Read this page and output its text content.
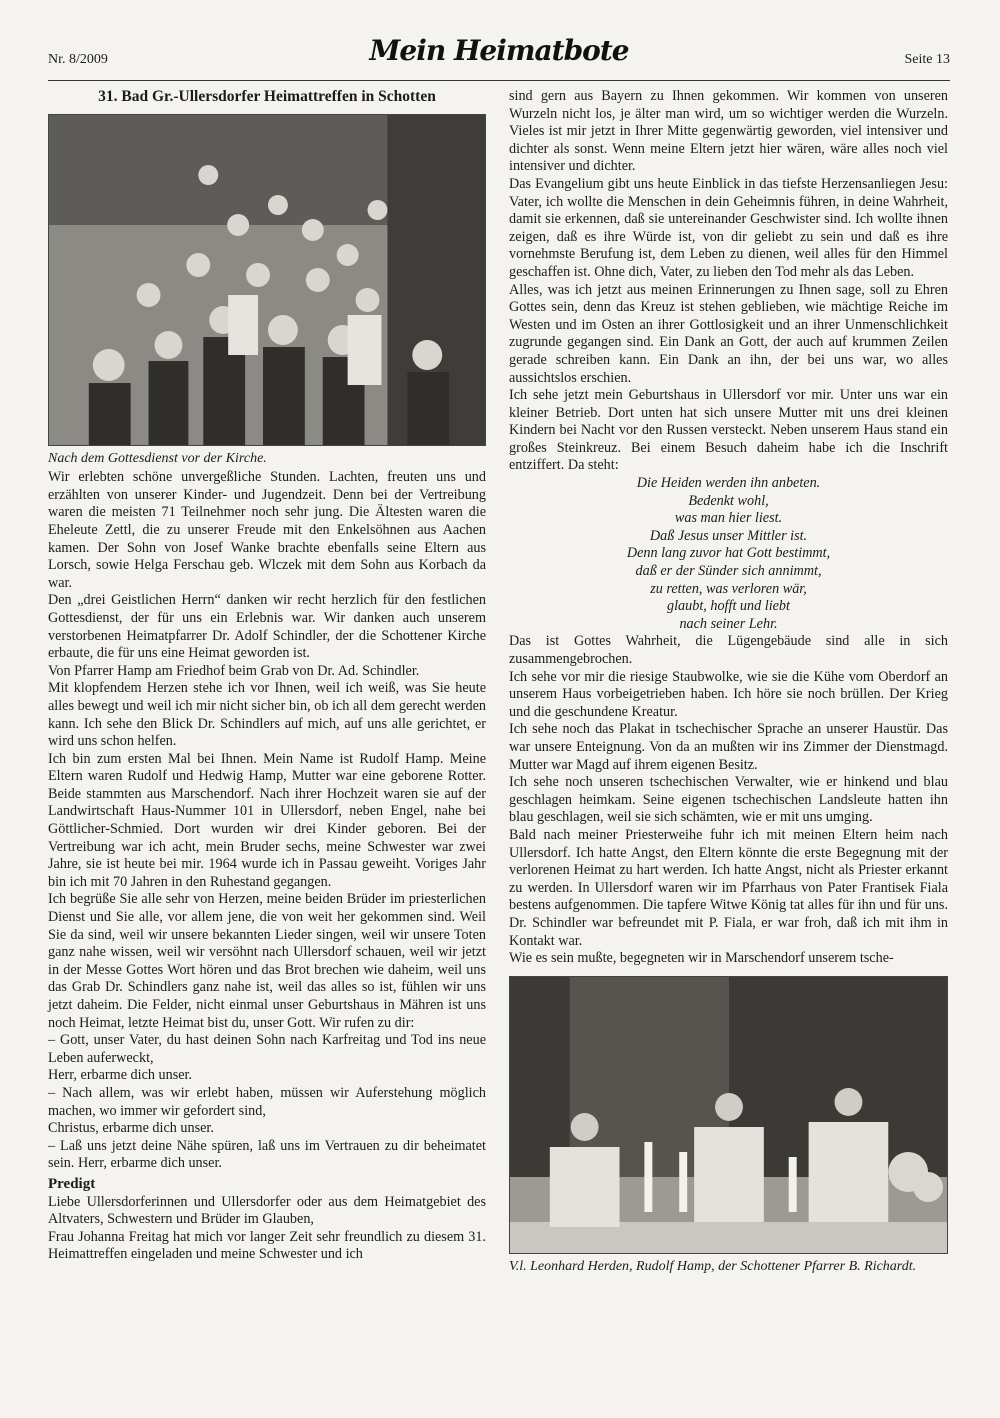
Nr. 8/2009	Mein Heimatbote	Seite 13
31. Bad Gr.-Ullersdorfer Heimattreffen in Schotten
Nach dem Gottesdienst vor der Kirche.

Wir erlebten schöne unvergeßliche Stunden. Lachten, freuten uns und erzählten von unserer Kinder- und Jugendzeit. Denn bei der Vertreibung waren die meisten 71 Teilnehmer noch sehr jung. Die Ältesten waren die Eheleute Zettl, die zu unserer Freude mit den Enkelsöhnen aus Aachen kamen. Der Sohn von Josef Wanke brachte ebenfalls seine Eltern aus Lorsch, sowie Helga Ferschau geb. Wlczek mit dem Sohn aus Korbach da war.

Den „drei Geistlichen Herrn“ danken wir recht herzlich für den festlichen Gottesdienst, der für uns ein Erlebnis war. Wir danken auch unserem verstorbenen Heimatpfarrer Dr. Adolf Schindler, der die Schottener Kirche erbaute, die für uns eine Heimat geworden ist.

Von Pfarrer Hamp am Friedhof beim Grab von Dr. Ad. Schindler.

Mit klopfendem Herzen stehe ich vor Ihnen, weil ich weiß, was Sie heute alles bewegt und weil ich mir nicht sicher bin, ob ich all dem gerecht werden kann. Ich sehe den Blick Dr. Schindlers auf mich, auf uns alle gerichtet, er wird uns schon helfen.

Ich bin zum ersten Mal bei Ihnen. Mein Name ist Rudolf Hamp. Meine Eltern waren Rudolf und Hedwig Hamp, Mutter war eine geborene Rotter. Beide stammten aus Marschendorf. Nach ihrer Hochzeit waren sie auf der Landwirtschaft Haus-Nummer 101 in Ullersdorf, neben Engel, nahe bei Göttlicher-Schmied. Dort wurden wir drei Kinder geboren. Bei der Vertreibung war ich acht, mein Bruder sechs, meine Schwester war zwei Jahre, sie ist heute bei mir. 1964 wurde ich in Passau geweiht. Voriges Jahr bin ich mit 70 Jahren in den Ruhestand gegangen.

Ich begrüße Sie alle sehr von Herzen, meine beiden Brüder im priesterlichen Dienst und Sie alle, vor allem jene, die von weit her gekommen sind. Weil Sie da sind, weil wir unsere bekannten Lieder singen, weil wir unsere Toten ganz nahe wissen, weil wir versöhnt nach Ullersdorf schauen, weil wir jetzt in der Messe Gottes Wort hören und das Brot brechen wie daheim, weil uns das Grab Dr. Schindlers ganz nahe ist, weil das alles so ist, fühlen wir uns jetzt daheim. Die Felder, nicht einmal unser Geburtshaus in Mähren ist uns noch Heimat, letzte Heimat bist du, unser Gott. Wir rufen zu dir:

– Gott, unser Vater, du hast deinen Sohn nach Karfreitag und Tod ins neue Leben auferweckt,

Herr, erbarme dich unser.

– Nach allem, was wir erlebt haben, müssen wir Auferstehung möglich machen, wo immer wir gefordert sind,

Christus, erbarme dich unser.

– Laß uns jetzt deine Nähe spüren, laß uns im Vertrauen zu dir beheimatet sein. Herr, erbarme dich unser.

Predigt

Liebe Ullersdorferinnen und Ullersdorfer oder aus dem Heimatgebiet des Altvaters, Schwestern und Brüder im Glauben,

Frau Johanna Freitag hat mich vor langer Zeit sehr freundlich zu diesem 31. Heimattreffen eingeladen und meine Schwester und ich

sind gern aus Bayern zu Ihnen gekommen. Wir kommen von unseren Wurzeln nicht los, je älter man wird, um so wichtiger werden die Wurzeln. Vieles ist mir jetzt in Ihrer Mitte gegenwärtig geworden, viel intensiver und dichter als sonst. Wenn meine Eltern jetzt hier wären, wäre alles noch viel intensiver und dichter.

Das Evangelium gibt uns heute Einblick in das tiefste Herzensanliegen Jesu: Vater, ich wollte die Menschen in dein Geheimnis führen, in deine Wahrheit, damit sie erkennen, daß sie untereinander Geschwister sind. Ich wollte ihnen zeigen, daß es ihre Würde ist, von dir geliebt zu sein und daß es ihre vornehmste Berufung ist, dem Leben zu dienen, weil alles für den Himmel geschaffen ist. Ohne dich, Vater, zu lieben den Tod mehr als das Leben.

Alles, was ich jetzt aus meinen Erinnerungen zu Ihnen sage, soll zu Ehren Gottes sein, denn das Kreuz ist stehen geblieben, wie mächtige Reiche im Westen und im Osten an ihrer Gottlosigkeit und an ihrer Unmenschlichkeit zugrunde gegangen sind. Ein Dank an Gott, der auch auf krummen Zeilen gerade schreiben kann. Ein Dank an ihn, der bei uns war, wo alles aussichtslos erschien.

Ich sehe jetzt mein Geburtshaus in Ullersdorf vor mir. Unter uns war ein kleiner Betrieb. Dort unten hat sich unsere Mutter mit uns drei kleinen Kindern bei Nacht vor den Russen versteckt. Neben unserem Haus stand ein großes Steinkreuz. Bei einem Besuch daheim habe ich die Inschrift entziffert. Da steht:

Die Heiden werden ihn anbeten.
Bedenkt wohl,
was man hier liest.
Daß Jesus unser Mittler ist.
Denn lang zuvor hat Gott bestimmt,
daß er der Sünder sich annimmt,
zu retten, was verloren wär,
glaubt, hofft und liebt
nach seiner Lehr.

Das ist Gottes Wahrheit, die Lügengebäude sind alle in sich zusammengebrochen.

Ich sehe vor mir die riesige Staubwolke, wie sie die Kühe vom Oberdorf an unserem Haus vorbeigetrieben haben. Ich höre sie noch brüllen. Der Krieg und die geschundene Kreatur.

Ich sehe noch das Plakat in tschechischer Sprache an unserer Haustür. Das war unsere Enteignung. Von da an mußten wir ins Zimmer der Dienstmagd. Mutter war Magd auf ihrem eigenen Besitz.

Ich sehe noch unseren tschechischen Verwalter, wie er hinkend und blau geschlagen heimkam. Seine eigenen tschechischen Landsleute hatten ihn blau geschlagen, weil sie sich schämten, wie er mit uns umging.

Bald nach meiner Priesterweihe fuhr ich mit meinen Eltern heim nach Ullersdorf. Ich hatte Angst, den Eltern könnte die erste Begegnung mit der verlorenen Heimat zu hart werden. Ich hatte Angst, nicht als Priester erkannt zu werden. In Ullersdorf waren wir im Pfarrhaus von Pater Frantisek Fiala bestens aufgenommen. Die tapfere Witwe König tat alles für ihn und für uns. Dr. Schindler war befreundet mit P. Fiala, er war froh, daß ich mit ihm in Kontakt war.

Wie es sein mußte, begegneten wir in Marschendorf unserem tsche-

V.l. Leonhard Herden, Rudolf Hamp, der Schottener Pfarrer B. Richardt.
